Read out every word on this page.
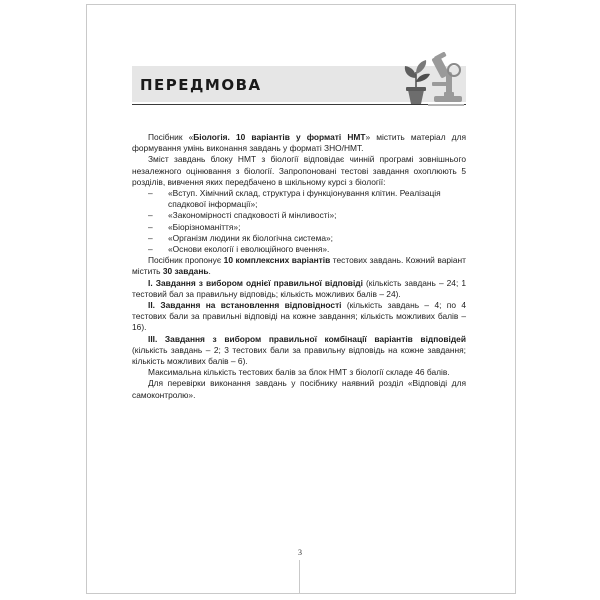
ПЕРЕДМОВА

Посібник «Біологія. 10 варіантів у форматі НМТ» містить матеріал для формування умінь виконання завдань у форматі ЗНО/НМТ.

Зміст завдань блоку НМТ з біології відповідає чинній програмі зовнішнього незалежного оцінювання з біології. Запропоновані тестові завдання охоплюють 5 розділів, вивчення яких передбачено в шкільному курсі з біології:

– «Вступ. Хімічний склад, структура і функціонування клітин. Реалізація спадкової інформації»;
– «Закономірності спадковості й мінливості»;
– «Біорізноманіття»;
– «Організм людини як біологічна система»;
– «Основи екології і еволюційного вчення».

Посібник пропонує 10 комплексних варіантів тестових завдань. Кожний варіант містить 30 завдань.

I. Завдання з вибором однієї правильної відповіді (кількість завдань – 24; 1 тестовий бал за правильну відповідь; кількість можливих балів – 24).

II. Завдання на встановлення відповідності (кількість завдань – 4; по 4 тестових бали за правильні відповіді на кожне завдання; кількість можливих балів – 16).

III. Завдання з вибором правильної комбінації варіантів відповідей (кількість завдань – 2; 3 тестових бали за правильну відповідь на кожне завдання; кількість можливих балів – 6).

Максимальна кількість тестових балів за блок НМТ з біології складе 46 балів.

Для перевірки виконання завдань у посібнику наявний розділ «Відповіді для самоконтролю».

3
